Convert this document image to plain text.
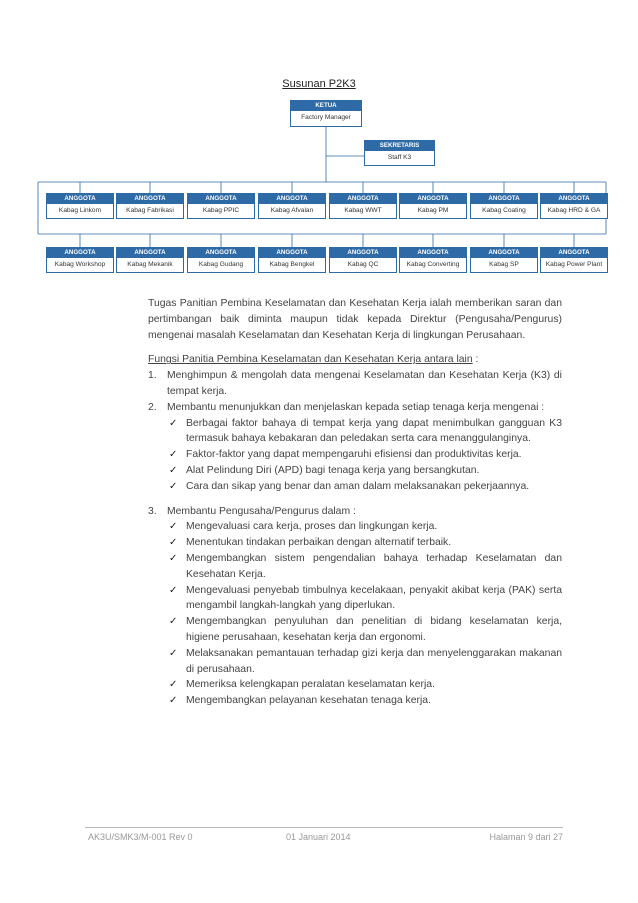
Susunan P2K3
KETUA
Factory Manager
SEKRETARIS
Staff K3
ANGGOTA
Kabag Linkom
ANGGOTA
Kabag Fabrikasi
ANGGOTA
Kabag PPIC
ANGGOTA
Kabag Afvalan
ANGGOTA
Kabag WWT
ANGGOTA
Kabag PM
ANGGOTA
Kabag Coating
ANGGOTA
Kabag HRD & GA
ANGGOTA
Kabag Workshop
ANGGOTA
Kabag Mekanik
ANGGOTA
Kabag Gudang
ANGGOTA
Kabag Bengkel
ANGGOTA
Kabag QC
ANGGOTA
Kabag Converting
ANGGOTA
Kabag SP
ANGGOTA
Kabag Power Plant

Tugas Panitian Pembina Keselamatan dan Kesehatan Kerja ialah memberikan saran dan pertimbangan baik diminta maupun tidak kepada Direktur (Pengusaha/Pengurus) mengenai masalah Keselamatan dan Kesehatan Kerja di lingkungan Perusahaan.

Fungsi Panitia Pembina Keselamatan dan Kesehatan Kerja antara lain :
1. Menghimpun & mengolah data mengenai Keselamatan dan Kesehatan Kerja (K3) di tempat kerja.
2. Membantu menunjukkan dan menjelaskan kepada setiap tenaga kerja mengenai :
✓ Berbagai faktor bahaya di tempat kerja yang dapat menimbulkan gangguan K3 termasuk bahaya kebakaran dan peledakan serta cara menanggulanginya.
✓ Faktor-faktor yang dapat mempengaruhi efisiensi dan produktivitas kerja.
✓ Alat Pelindung Diri (APD) bagi tenaga kerja yang bersangkutan.
✓ Cara dan sikap yang benar dan aman dalam melaksanakan pekerjaannya.
3. Membantu Pengusaha/Pengurus dalam :
✓ Mengevaluasi cara kerja, proses dan lingkungan kerja.
✓ Menentukan tindakan perbaikan dengan alternatif terbaik.
✓ Mengembangkan sistem pengendalian bahaya terhadap Keselamatan dan Kesehatan Kerja.
✓ Mengevaluasi penyebab timbulnya kecelakaan, penyakit akibat kerja (PAK) serta mengambil langkah-langkah yang diperlukan.
✓ Mengembangkan penyuluhan dan penelitian di bidang keselamatan kerja, higiene perusahaan, kesehatan kerja dan ergonomi.
✓ Melaksanakan pemantauan terhadap gizi kerja dan menyelenggarakan makanan di perusahaan.
✓ Memeriksa kelengkapan peralatan keselamatan kerja.
✓ Mengembangkan pelayanan kesehatan tenaga kerja.
AK3U/SMK3/M-001 Rev 0	01 Januari 2014	Halaman 9 dari 27
